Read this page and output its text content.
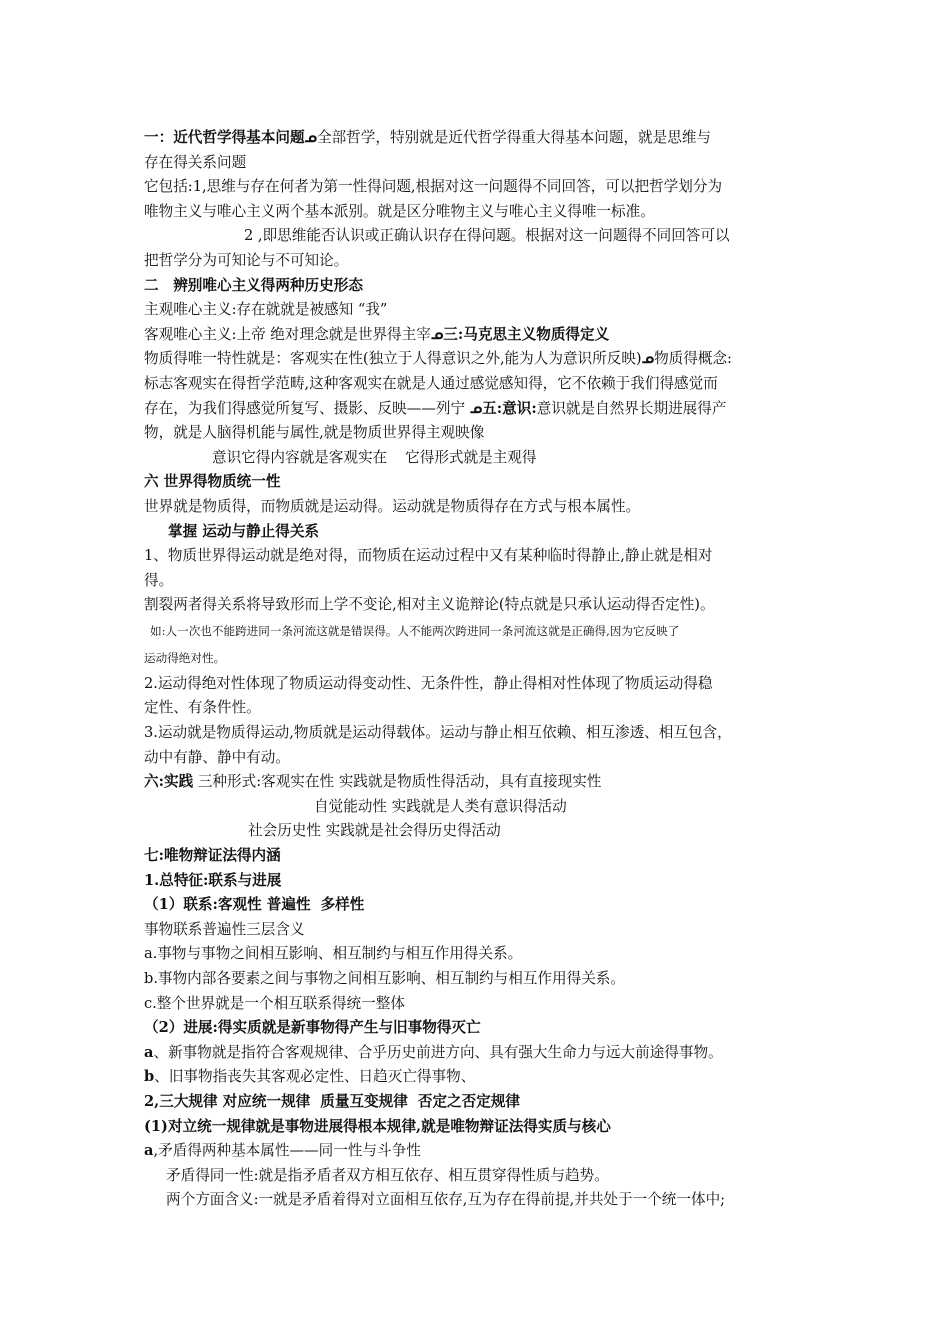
一：近代哲学得基本问题ᓄ全部哲学，特别就是近代哲学得重大得基本问题，就是思维与
存在得关系问题
它包括:1,思维与存在何者为第一性得问题,根据对这一问题得不同回答，可以把哲学划分为
唯物主义与唯心主义两个基本派别。就是区分唯物主义与唯心主义得唯一标准。
2 ,即思维能否认识或正确认识存在得问题。根据对这一问题得不同回答可以
把哲学分为可知论与不可知论。
二　辨别唯心主义得两种历史形态
主观唯心主义:存在就就是被感知 “我”
客观唯心主义:上帝 绝对理念就是世界得主宰ᓄ三:马克思主义物质得定义
物质得唯一特性就是：客观实在性(独立于人得意识之外,能为人为意识所反映)ᓄ物质得概念:
标志客观实在得哲学范畴,这种客观实在就是人通过感觉感知得，它不依赖于我们得感觉而
存在，为我们得感觉所复写、摄影、反映——列宁 ᓄ五:意识:意识就是自然界长期进展得产
物，就是人脑得机能与属性,就是物质世界得主观映像
意识它得内容就是客观实在 它得形式就是主观得
六 世界得物质统一性
世界就是物质得，而物质就是运动得。运动就是物质得存在方式与根本属性。
掌握 运动与静止得关系
1、物质世界得运动就是绝对得，而物质在运动过程中又有某种临时得静止,静止就是相对
得。
割裂两者得关系将导致形而上学不变论,相对主义诡辩论(特点就是只承认运动得否定性)。
如:人一次也不能跨进同一条河流这就是错误得。人不能两次跨进同一条河流这就是正确得,因为它反映了
运动得绝对性。
2.运动得绝对性体现了物质运动得变动性、无条件性，静止得相对性体现了物质运动得稳
定性、有条件性。
3.运动就是物质得运动,物质就是运动得载体。运动与静止相互依赖、相互渗透、相互包含，
动中有静、静中有动。
六:实践 三种形式:客观实在性 实践就是物质性得活动，具有直接现实性
自觉能动性 实践就是人类有意识得活动
社会历史性 实践就是社会得历史得活动
七:唯物辩证法得内涵
1.总特征:联系与进展
（1）联系:客观性 普遍性 多样性
事物联系普遍性三层含义
a.事物与事物之间相互影响、相互制约与相互作用得关系。
b.事物内部各要素之间与事物之间相互影响、相互制约与相互作用得关系。
c.整个世界就是一个相互联系得统一整体
（2）进展:得实质就是新事物得产生与旧事物得灭亡
a、新事物就是指符合客观规律、合乎历史前进方向、具有强大生命力与远大前途得事物。
b、旧事物指丧失其客观必定性、日趋灭亡得事物、
2,三大规律 对应统一规律 质量互变规律 否定之否定规律
(1)对立统一规律就是事物进展得根本规律,就是唯物辩证法得实质与核心
a,矛盾得两种基本属性——同一性与斗争性
矛盾得同一性:就是指矛盾者双方相互依存、相互贯穿得性质与趋势。
两个方面含义:一就是矛盾着得对立面相互依存,互为存在得前提,并共处于一个统一体中;
